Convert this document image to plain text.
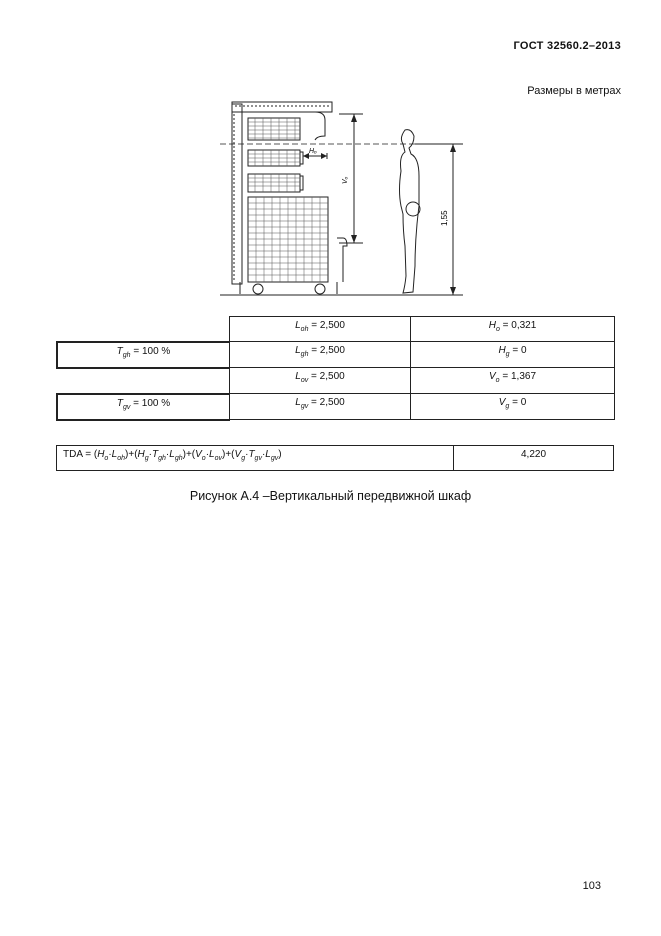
ГОСТ 32560.2–2013
Размеры в метрах
Hₒ
Vₒ
1,55

	$L_{oh} = 2,500$	$H_o = 0,321$

$T_{gh} = 100$ %	$L_{gh} = 2,500$	$H_g = 0$

	$L_{ov} = 2,500$	$V_o = 1,367$

$T_{gv} = 100$ %	$L_{gv} = 2,500$	$V_g = 0$
TDA = $(H_o\cdot L_{oh})+(H_g\cdot T_{gh}\cdot L_{gh})+(V_o\cdot L_{ov})+(V_g\cdot T_{gv}\cdot L_{gv})$	4,220
Рисунок А.4 –Вертикальный передвижной шкаф
103
